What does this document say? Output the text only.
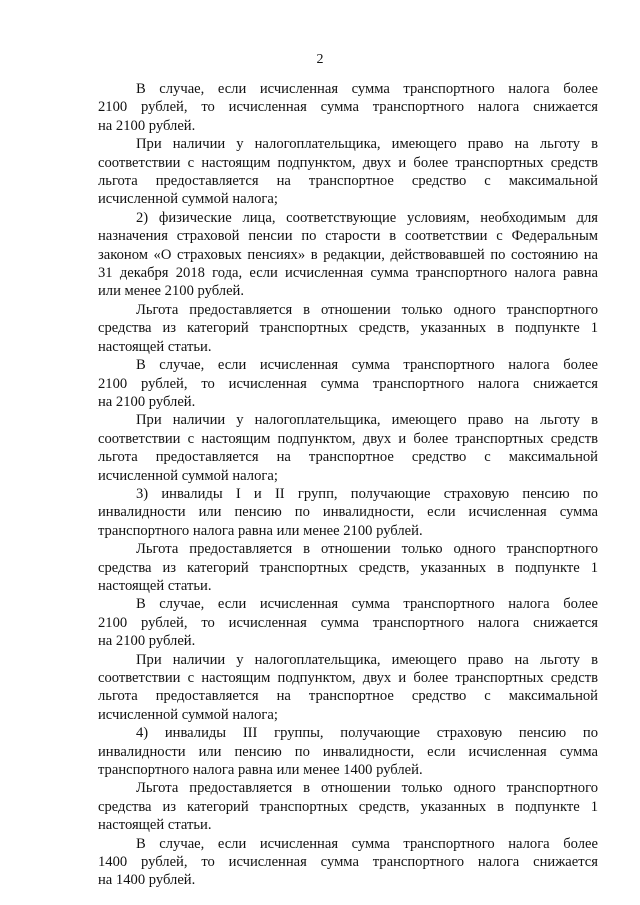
2
В случае, если исчисленная сумма транспортного налога более
2100 рублей, то исчисленная сумма транспортного налога снижается
на 2100 рублей.
При наличии у налогоплательщика, имеющего право на льготу в
соответствии с настоящим подпунктом, двух и более транспортных средств
льгота предоставляется на транспортное средство с максимальной
исчисленной суммой налога;
2) физические лица, соответствующие условиям, необходимым для
назначения страховой пенсии по старости в соответствии с Федеральным
законом «О страховых пенсиях» в редакции, действовавшей по состоянию на
31 декабря 2018 года, если исчисленная сумма транспортного налога равна
или менее 2100 рублей.
Льгота предоставляется в отношении только одного транспортного
средства из категорий транспортных средств, указанных в подпункте 1
настоящей статьи.
В случае, если исчисленная сумма транспортного налога более
2100 рублей, то исчисленная сумма транспортного налога снижается
на 2100 рублей.
При наличии у налогоплательщика, имеющего право на льготу в
соответствии с настоящим подпунктом, двух и более транспортных средств
льгота предоставляется на транспортное средство с максимальной
исчисленной суммой налога;
3) инвалиды I и II групп, получающие страховую пенсию по
инвалидности или пенсию по инвалидности, если исчисленная сумма
транспортного налога равна или менее 2100 рублей.
Льгота предоставляется в отношении только одного транспортного
средства из категорий транспортных средств, указанных в подпункте 1
настоящей статьи.
В случае, если исчисленная сумма транспортного налога более
2100 рублей, то исчисленная сумма транспортного налога снижается
на 2100 рублей.
При наличии у налогоплательщика, имеющего право на льготу в
соответствии с настоящим подпунктом, двух и более транспортных средств
льгота предоставляется на транспортное средство с максимальной
исчисленной суммой налога;
4) инвалиды III группы, получающие страховую пенсию по
инвалидности или пенсию по инвалидности, если исчисленная сумма
транспортного налога равна или менее 1400 рублей.
Льгота предоставляется в отношении только одного транспортного
средства из категорий транспортных средств, указанных в подпункте 1
настоящей статьи.
В случае, если исчисленная сумма транспортного налога более
1400 рублей, то исчисленная сумма транспортного налога снижается
на 1400 рублей.
